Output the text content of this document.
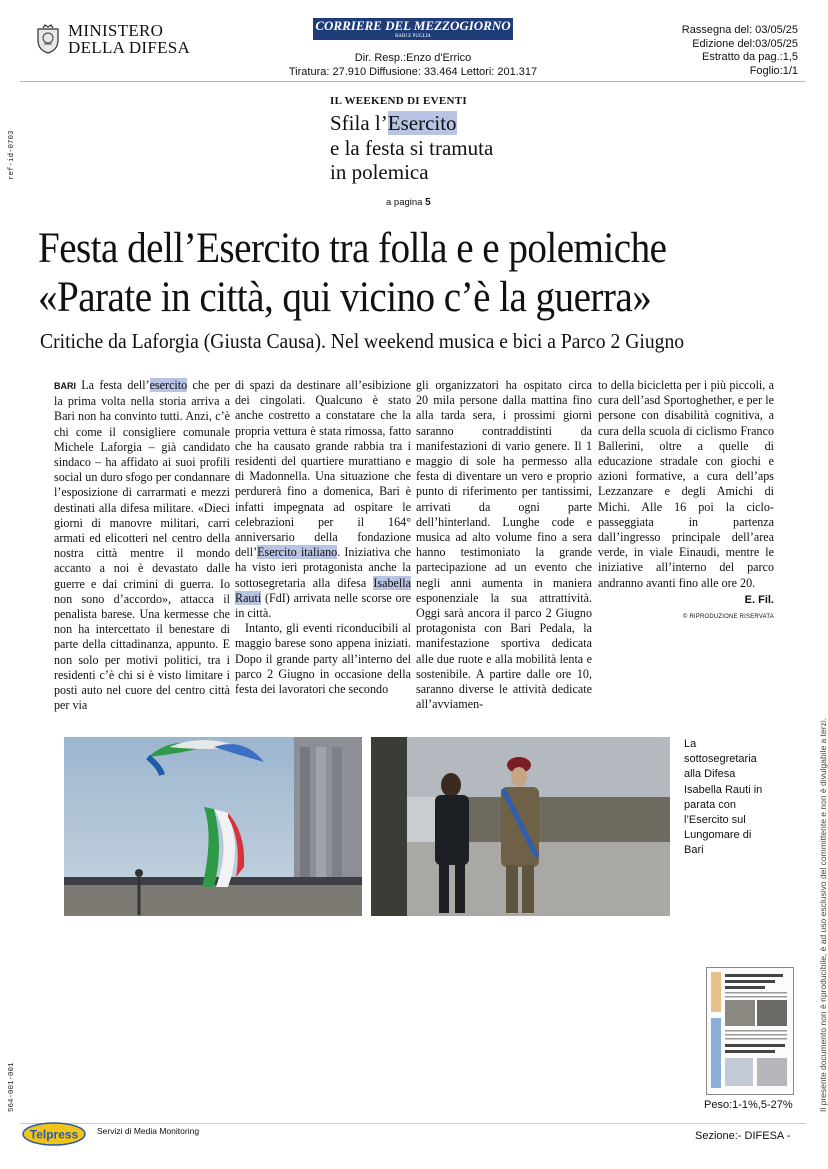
MINISTERO
DELLA DIFESA
CORRIERE DEL MEZZOGIORNO
BARI E PUGLIA
Dir. Resp.:Enzo d'Errico
Tiratura: 27.910 Diffusione: 33.464 Lettori: 201.317
Rassegna del: 03/05/25
Edizione del:03/05/25
Estratto da pag.:1,5
Foglio:1/1
ref-id-0703
564-001-001	Il presente documento non è riproducibile, è ad uso esclusivo del committente e non è divulgabile a terzi.
IL WEEKEND DI EVENTI
Sfila l’Esercito
e la festa si tramuta
in polemica
a pagina 5
Festa dell’Esercito tra folla e e polemiche
«Parate in città, qui vicino c’è la guerra»
Critiche da Laforgia (Giusta Causa). Nel weekend musica e bici a Parco 2 Giugno
BARI La festa dell’esercito che per la prima volta nella storia arriva a Bari non ha convinto tutti. Anzi, c’è chi come il consigliere comunale Michele Laforgia – già candidato sindaco – ha affidato ai suoi profili social un duro sfogo per condannare l’esposizione di carrarmati e mezzi destinati alla difesa militare. «Dieci giorni di manovre militari, carri armati ed elicotteri nel centro della nostra città mentre il mondo accanto a noi è devastato dalle guerre e dai crimini di guerra. Io non sono d’accordo», attacca il penalista barese. Una kermesse che non ha intercettato il benestare di parte della cittadinanza, appunto. E non solo per motivi politici, tra i residenti c’è chi si è visto limitare i posti auto nel cuore del centro città per via
di spazi da destinare all’esibizione dei cingolati. Qualcuno è stato anche costretto a constatare che la propria vettura è stata rimossa, fatto che ha causato grande rabbia tra i residenti del quartiere murattiano e di Madonnella. Una situazione che perdurerà fino a domenica, Bari è infatti impegnata ad ospitare le celebrazioni per il 164° anniversario della fondazione dell’Esercito italiano. Iniziativa che ha visto ieri protagonista anche la sottosegretaria alla difesa Isabella Rauti (FdI) arrivata nelle scorse ore in città.
Intanto, gli eventi riconducibili al maggio barese sono appena iniziati. Dopo il grande party all’interno del parco 2 Giugno in occasione della festa dei lavoratori che secondo
gli organizzatori ha ospitato circa 20 mila persone dalla mattina fino alla tarda sera, i prossimi giorni saranno contraddistinti da manifestazioni di vario genere. Il 1 maggio di sole ha permesso alla festa di diventare un vero e proprio punto di riferimento per tantissimi, arrivati da ogni parte dell’hinterland. Lunghe code e musica ad alto volume fino a sera hanno testimoniato la grande partecipazione ad un evento che negli anni aumenta in maniera esponenziale la sua attrattività. Oggi sarà ancora il parco 2 Giugno protagonista con Bari Pedala, la manifestazione sportiva dedicata alle due ruote e alla mobilità lenta e sostenibile. A partire dalle ore 10, saranno diverse le attività dedicate all’avviamen-
to della bicicletta per i più piccoli, a cura dell’asd Sportoghether, e per le persone con disabilità cognitiva, a cura della scuola di ciclismo Franco Ballerini, oltre a quelle di educazione stradale con giochi e azioni formative, a cura dell’aps Lezzanzare e degli Amichi di Michi. Alle 16 poi la ciclo-passeggiata in partenza dall’ingresso principale dell’area verde, in viale Einaudi, mentre le iniziative all’interno del parco andranno avanti fino alle ore 20.
E. Fil.
© RIPRODUZIONE RISERVATA
La sottosegretaria alla Difesa Isabella Rauti in parata con l’Esercito sul Lungomare di Bari
Peso:1-1%,5-27%
Telpress Servizi di Media Monitoring	Sezione:- DIFESA -
